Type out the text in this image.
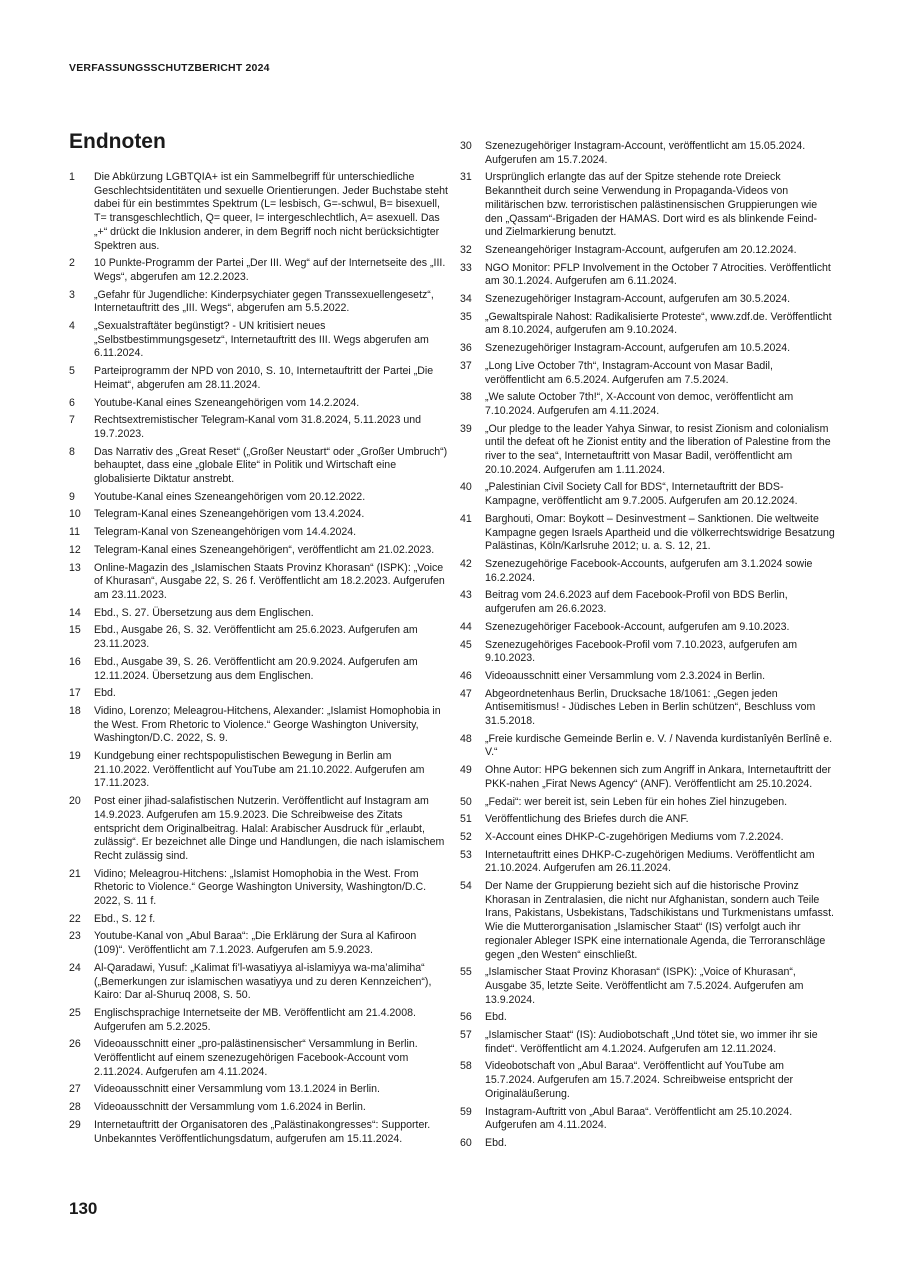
VERFASSUNGSSCHUTZBERICHT 2024
Endnoten
1	Die Abkürzung LGBTQIA+ ist ein Sammelbegriff für unterschiedliche Geschlechtsidentitäten und sexuelle Orientierungen. Jeder Buchstabe steht dabei für ein bestimmtes Spektrum (L= lesbisch, G=-schwul, B= bisexuell, T= transgeschlechtlich, Q= queer, I= intergeschlechtlich, A= asexuell. Das „+“ drückt die Inklusion anderer, in dem Begriff noch nicht berücksichtigter Spektren aus.
2	10 Punkte-Programm der Partei „Der III. Weg“ auf der Internetseite des „III. Wegs“, abgerufen am 12.2.2023.
3	„Gefahr für Jugendliche: Kinderpsychiater gegen Transsexuellengesetz“, Internetauftritt des „III. Wegs“, abgerufen am 5.5.2022.
4	„Sexualstraftäter begünstigt? - UN kritisiert neues „Selbstbestimmungsgesetz“, Internetauftritt des III. Wegs abgerufen am 6.11.2024.
5	Parteiprogramm der NPD von 2010, S. 10, Internetauftritt der Partei „Die Heimat“, abgerufen am 28.11.2024.
6	Youtube-Kanal eines Szeneangehörigen vom 14.2.2024.
7	Rechtsextremistischer Telegram-Kanal vom 31.8.2024, 5.11.2023 und 19.7.2023.
8	Das Narrativ des „Great Reset“ („Großer Neustart“ oder „Großer Umbruch“) behauptet, dass eine „globale Elite“ in Politik und Wirtschaft eine globalisierte Diktatur anstrebt.
9	Youtube-Kanal eines Szeneangehörigen vom 20.12.2022.
10	Telegram-Kanal eines Szeneangehörigen vom 13.4.2024.
11	Telegram-Kanal von Szeneangehörigen vom 14.4.2024.
12	Telegram-Kanal eines Szeneangehörigen“, veröffentlicht am 21.02.2023.
13	Online-Magazin des „Islamischen Staats Provinz Khorasan“ (ISPK): „Voice of Khurasan“, Ausgabe 22, S. 26 f. Veröffentlicht am 18.2.2023. Aufgerufen am 23.11.2023.
14	Ebd., S. 27. Übersetzung aus dem Englischen.
15	Ebd., Ausgabe 26, S. 32. Veröffentlicht am 25.6.2023. Aufgerufen am 23.11.2023.
16	Ebd., Ausgabe 39, S. 26. Veröffentlicht am 20.9.2024. Aufgerufen am 12.11.2024. Übersetzung aus dem Englischen.
17	Ebd.
18	Vidino, Lorenzo; Meleagrou-Hitchens, Alexander: „Islamist Homophobia in the West. From Rhetoric to Violence.“ George Washington University, Washington/D.C. 2022, S. 9.
19	Kundgebung einer rechtspopulistischen Bewegung in Berlin am 21.10.2022. Veröffentlicht auf YouTube am 21.10.2022. Aufgerufen am 17.11.2023.
20	Post einer jihad-salafistischen Nutzerin. Veröffentlicht auf Instagram am 14.9.2023. Aufgerufen am 15.9.2023. Die Schreibweise des Zitats entspricht dem Originalbeitrag. Halal: Arabischer Ausdruck für „erlaubt, zulässig“. Er bezeichnet alle Dinge und Handlungen, die nach islamischem Recht zulässig sind.
21	Vidino; Meleagrou-Hitchens: „Islamist Homophobia in the West. From Rhetoric to Violence.“ George Washington University, Washington/D.C. 2022, S. 11 f.
22	Ebd., S. 12 f.
23	Youtube-Kanal von „Abul Baraa“: „Die Erklärung der Sura al Kafiroon (109)“. Veröffentlicht am 7.1.2023. Aufgerufen am 5.9.2023.
24	Al-Qaradawi, Yusuf: „Kalimat fi’l-wasatiyya al-islamiyya wa-ma’alimiha“ („Bemerkungen zur islamischen wasatiyya und zu deren Kennzeichen“), Kairo: Dar al-Shuruq 2008, S. 50.
25	Englischsprachige Internetseite der MB. Veröffentlicht am 21.4.2008. Aufgerufen am 5.2.2025.
26	Videoausschnitt einer „pro-palästinensischer“ Versammlung in Berlin. Veröffentlicht auf einem szenezugehörigen Facebook-Account vom 2.11.2024. Aufgerufen am 4.11.2024.
27	Videoausschnitt einer Versammlung vom 13.1.2024 in Berlin.
28	Videoausschnitt der Versammlung vom 1.6.2024 in Berlin.
29	Internetauftritt der Organisatoren des „Palästinakongresses“: Supporter. Unbekanntes Veröffentlichungsdatum, aufgerufen am 15.11.2024.
30	Szenezugehöriger Instagram-Account, veröffentlicht am 15.05.2024. Aufgerufen am 15.7.2024.
31	Ursprünglich erlangte das auf der Spitze stehende rote Dreieck Bekanntheit durch seine Verwendung in Propaganda-Videos von militärischen bzw. terroristischen palästinensischen Gruppierungen wie den „Qassam“-Brigaden der HAMAS. Dort wird es als blinkende Feind- und Zielmarkierung benutzt.
32	Szeneangehöriger Instagram-Account, aufgerufen am 20.12.2024.
33	NGO Monitor: PFLP Involvement in the October 7 Atrocities. Veröffentlicht am 30.1.2024. Aufgerufen am 6.11.2024.
34	Szenezugehöriger Instagram-Account, aufgerufen am 30.5.2024.
35	„Gewaltspirale Nahost: Radikalisierte Proteste“, www.zdf.de. Veröffentlicht am 8.10.2024, aufgerufen am 9.10.2024.
36	Szenezugehöriger Instagram-Account, aufgerufen am 10.5.2024.
37	„Long Live October 7th“, Instagram-Account von Masar Badil, veröffentlicht am 6.5.2024. Aufgerufen am 7.5.2024.
38	„We salute October 7th!“, X-Account von democ, veröffentlicht am 7.10.2024. Aufgerufen am 4.11.2024.
39	„Our pledge to the leader Yahya Sinwar, to resist Zionism and colonialism until the defeat oft he Zionist entity and the liberation of Palestine from the river to the sea“, Internetauftritt von Masar Badil, veröffentlicht am 20.10.2024. Aufgerufen am 1.11.2024.
40	„Palestinian Civil Society Call for BDS“, Internetauftritt der BDS-Kampagne, veröffentlicht am 9.7.2005. Aufgerufen am 20.12.2024.
41	Barghouti, Omar: Boykott – Desinvestment – Sanktionen. Die weltweite Kampagne gegen Israels Apartheid und die völkerrechtswidrige Besatzung Palästinas, Köln/Karlsruhe 2012; u. a. S. 12, 21.
42	Szenezugehörige Facebook-Accounts, aufgerufen am 3.1.2024 sowie 16.2.2024.
43	Beitrag vom 24.6.2023 auf dem Facebook-Profil von BDS Berlin, aufgerufen am 26.6.2023.
44	Szenezugehöriger Facebook-Account, aufgerufen am 9.10.2023.
45	Szenezugehöriges Facebook-Profil vom 7.10.2023, aufgerufen am 9.10.2023.
46	Videoausschnitt einer Versammlung vom 2.3.2024 in Berlin.
47	Abgeordnetenhaus Berlin, Drucksache 18/1061: „Gegen jeden Antisemitismus! - Jüdisches Leben in Berlin schützen“, Beschluss vom 31.5.2018.
48	„Freie kurdische Gemeinde Berlin e. V. / Navenda kurdistanîyên Berlînê e. V.“
49	Ohne Autor: HPG bekennen sich zum Angriff in Ankara, Internetauftritt der PKK-nahen „Firat News Agency“ (ANF). Veröffentlicht am 25.10.2024.
50	„Fedai“: wer bereit ist, sein Leben für ein hohes Ziel hinzugeben.
51	Veröffentlichung des Briefes durch die ANF.
52	X-Account eines DHKP-C-zugehörigen Mediums vom 7.2.2024.
53	Internetauftritt eines DHKP-C-zugehörigen Mediums. Veröffentlicht am 21.10.2024. Aufgerufen am 26.11.2024.
54	Der Name der Gruppierung bezieht sich auf die historische Provinz Khorasan in Zentralasien, die nicht nur Afghanistan, sondern auch Teile Irans, Pakistans, Usbekistans, Tadschikistans und Turkmenistans umfasst. Wie die Mutterorganisation „Islamischer Staat“ (IS) verfolgt auch ihr regionaler Ableger ISPK eine internationale Agenda, die Terroranschläge gegen „den Westen“ einschließt.
55	„Islamischer Staat Provinz Khorasan“ (ISPK): „Voice of Khurasan“, Ausgabe 35, letzte Seite. Veröffentlicht am 7.5.2024. Aufgerufen am 13.9.2024.
56	Ebd.
57	„Islamischer Staat“ (IS): Audiobotschaft „Und tötet sie, wo immer ihr sie findet“. Veröffentlicht am 4.1.2024. Aufgerufen am 12.11.2024.
58	Videobotschaft von „Abul Baraa“. Veröffentlicht auf YouTube am 15.7.2024. Aufgerufen am 15.7.2024. Schreibweise entspricht der Originaläußerung.
59	Instagram-Auftritt von „Abul Baraa“. Veröffentlicht am 25.10.2024. Aufgerufen am 4.11.2024.
60	Ebd.
130
